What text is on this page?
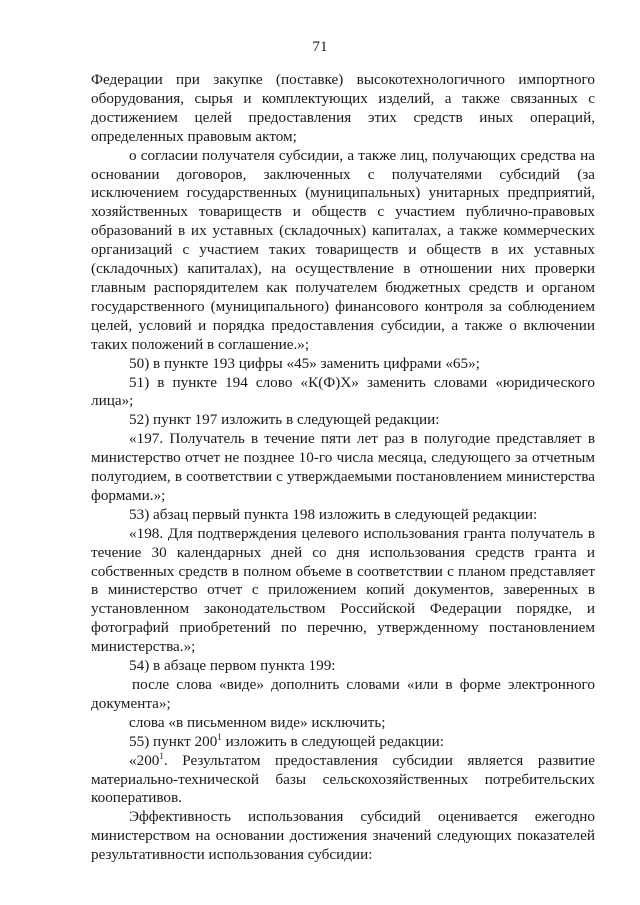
71

Федерации при закупке (поставке) высокотехнологичного импортного оборудования, сырья и комплектующих изделий, а также связанных с достижением целей предоставления этих средств иных операций, определенных правовым актом;

о согласии получателя субсидии, а также лиц, получающих средства на основании договоров, заключенных с получателями субсидий (за исключением государственных (муниципальных) унитарных предприятий, хозяйственных товариществ и обществ с участием публично-правовых образований в их уставных (складочных) капиталах, а также коммерческих организаций с участием таких товариществ и обществ в их уставных (складочных) капиталах), на осуществление в отношении них проверки главным распорядителем как получателем бюджетных средств и органом государственного (муниципального) финансового контроля за соблюдением целей, условий и порядка предоставления субсидии, а также о включении таких положений в соглашение.»;

50) в пункте 193 цифры «45» заменить цифрами «65»;

51) в пункте 194 слово «К(Ф)Х» заменить словами «юридического лица»;

52) пункт 197 изложить в следующей редакции:

«197. Получатель в течение пяти лет раз в полугодие представляет в министерство отчет не позднее 10-го числа месяца, следующего за отчетным полугодием, в соответствии с утверждаемыми постановлением министерства формами.»;

53) абзац первый пункта 198 изложить в следующей редакции:

«198. Для подтверждения целевого использования гранта получатель в течение 30 календарных дней со дня использования средств гранта и собственных средств в полном объеме в соответствии с планом представляет в министерство отчет с приложением копий документов, заверенных в установленном законодательством Российской Федерации порядке, и фотографий приобретений по перечню, утвержденному постановлением министерства.»;

54) в абзаце первом пункта 199:

после слова «виде» дополнить словами «или в форме электронного документа»;

слова «в письменном виде» исключить;

55) пункт $200^1$ изложить в следующей редакции:

«$200^1$. Результатом предоставления субсидии является развитие материально-технической базы сельскохозяйственных потребительских кооперативов.

Эффективность использования субсидий оценивается ежегодно министерством на основании достижения значений следующих показателей результативности использования субсидии:
